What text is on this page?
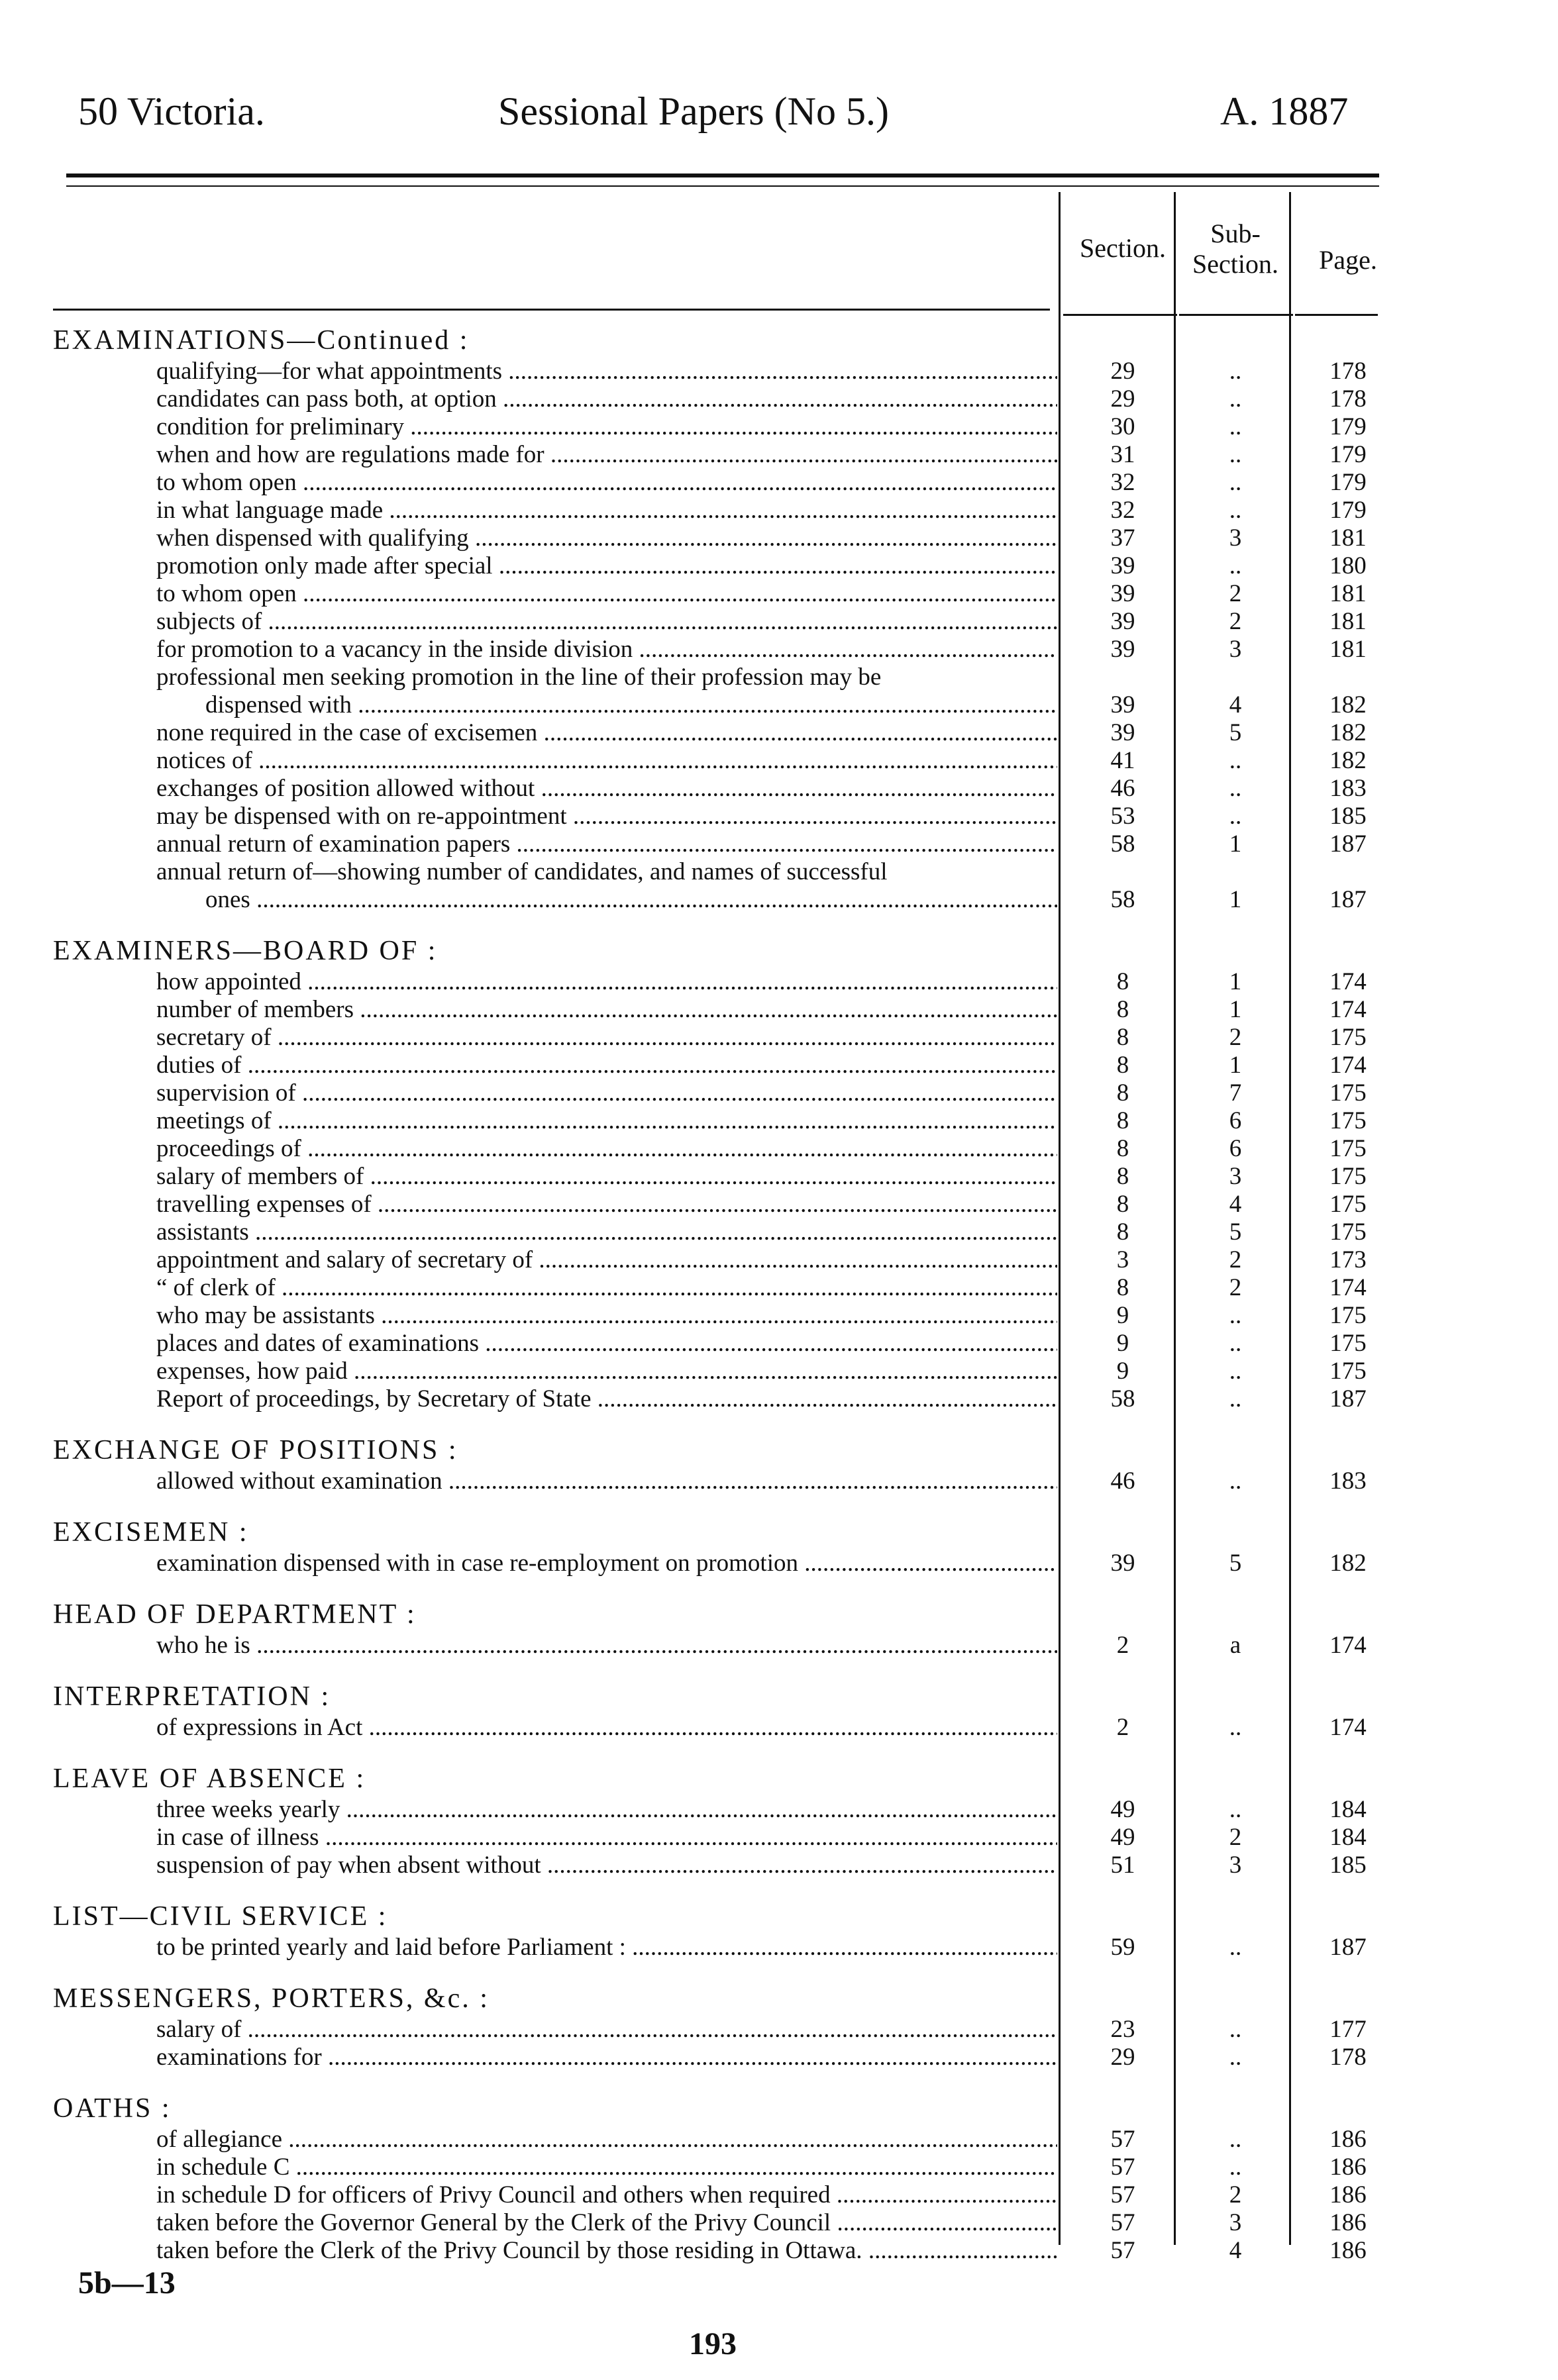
50 Victoria.	Sessional Papers (No 5.)	A. 1887
Section.	Sub-
Section.	Page.
EXAMINATIONS—Continued :
qualifying—for what appointments .....	29	..	178
candidates can pass both, at option .....	29	..	178
condition for preliminary .....	30	..	179
when and how are regulations made for .....	31	..	179
to whom open .....	32	..	179
in what language made .....	32	..	179
when dispensed with qualifying .....	37	3	181
promotion only made after special .....	39	..	180
to whom open .....	39	2	181
subjects of .....	39	2	181
for promotion to a vacancy in the inside division .....	39	3	181
professional men seeking promotion in the line of their profession may be
dispensed with .....	39	4	182
none required in the case of excisemen .....	39	5	182
notices of .....	41	..	182
exchanges of position allowed without .....	46	..	183
may be dispensed with on re-appointment .....	53	..	185
annual return of examination papers .....	58	1	187
annual return of—showing number of candidates, and names of successful
ones .....	58	1	187
EXAMINERS—BOARD OF :
how appointed .....	8	1	174
number of members .....	8	1	174
secretary of .....	8	2	175
duties of .....	8	1	174
supervision of .....	8	7	175
meetings of .....	8	6	175
proceedings of .....	8	6	175
salary of members of .....	8	3	175
travelling expenses of .....	8	4	175
assistants .....	8	5	175
appointment and salary of secretary of .....	3	2	173
“ of clerk of .....	8	2	174
who may be assistants .....	9	..	175
places and dates of examinations .....	9	..	175
expenses, how paid .....	9	..	175
Report of proceedings, by Secretary of State .....	58	..	187
EXCHANGE OF POSITIONS :
allowed without examination .....	46	..	183
EXCISEMEN :
examination dispensed with in case re-employment on promotion .....	39	5	182
HEAD OF DEPARTMENT :
who he is .....	2	a	174
INTERPRETATION :
of expressions in Act .....	2	..	174
LEAVE OF ABSENCE :
three weeks yearly .....	49	..	184
in case of illness .....	49	2	184
suspension of pay when absent without .....	51	3	185
LIST—CIVIL SERVICE :
to be printed yearly and laid before Parliament : .....	59	..	187
MESSENGERS, PORTERS, &c. :
salary of .....	23	..	177
examinations for .....	29	..	178
OATHS :
of allegiance .....	57	..	186
in schedule C .....	57	..	186
in schedule D for officers of Privy Council and others when required .....	57	2	186
taken before the Governor General by the Clerk of the Privy Council .....	57	3	186
taken before the Clerk of the Privy Council by those residing in Ottawa. .....	57	4	186
5b—13
193
